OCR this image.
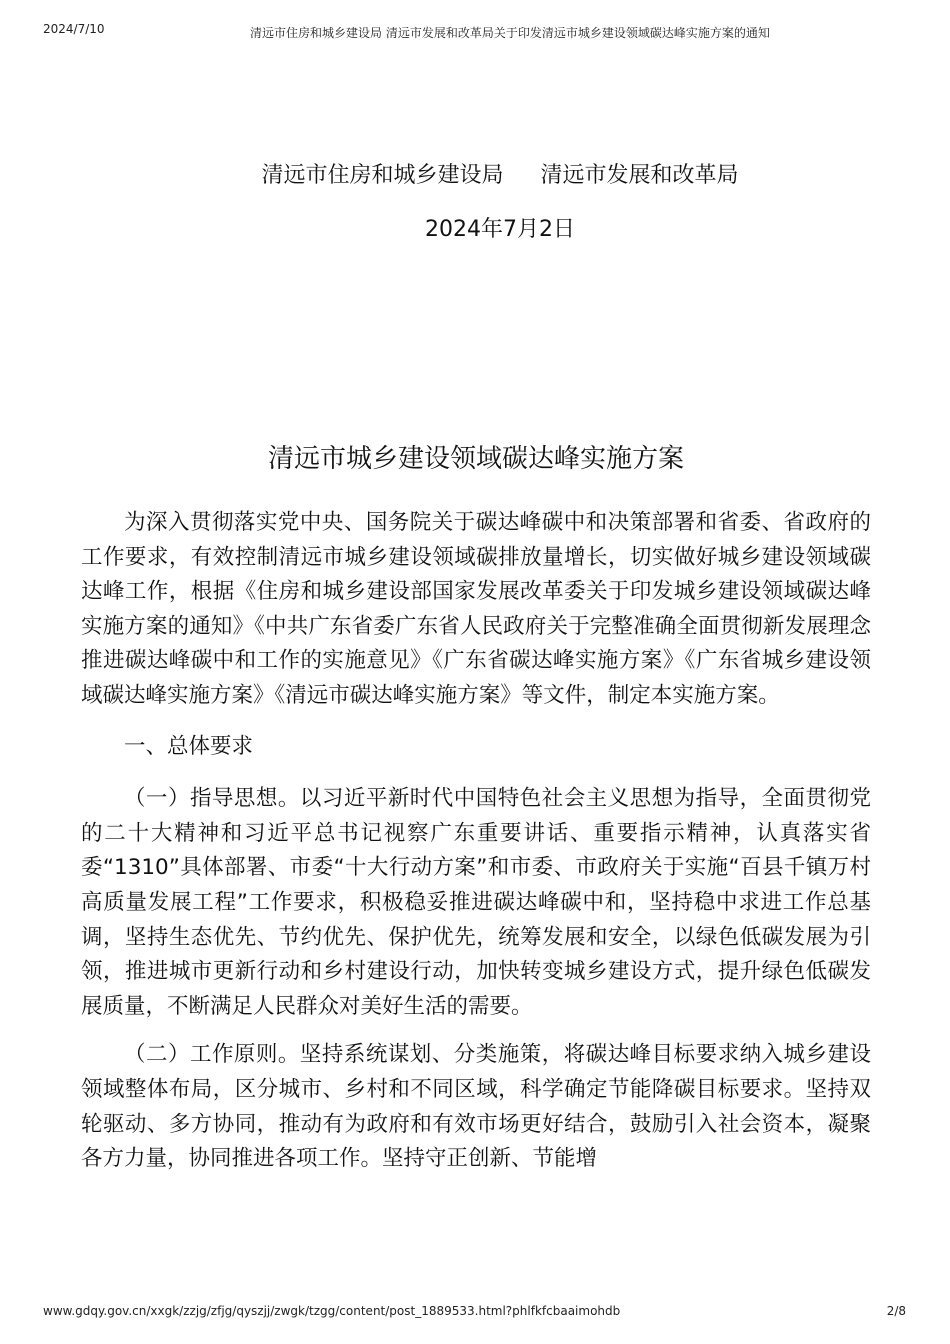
2024/7/10	清远市住房和城乡建设局 清远市发展和改革局关于印发清远市城乡建设领域碳达峰实施方案的通知
清远市住房和城乡建设局 清远市发展和改革局
2024年7月2日
清远市城乡建设领域碳达峰实施方案

为深入贯彻落实党中央、国务院关于碳达峰碳中和决策部署和省委、省政府的工作要求，有效控制清远市城乡建设领域碳排放量增长，切实做好城乡建设领域碳达峰工作，根据《住房和城乡建设部国家发展改革委关于印发城乡建设领域碳达峰实施方案的通知》《中共广东省委广东省人民政府关于完整准确全面贯彻新发展理念推进碳达峰碳中和工作的实施意见》《广东省碳达峰实施方案》《广东省城乡建设领域碳达峰实施方案》《清远市碳达峰实施方案》等文件，制定本实施方案。

一、总体要求

（一）指导思想。以习近平新时代中国特色社会主义思想为指导，全面贯彻党的二十大精神和习近平总书记视察广东重要讲话、重要指示精神，认真落实省委“1310”具体部署、市委“十大行动方案”和市委、市政府关于实施“百县千镇万村高质量发展工程”工作要求，积极稳妥推进碳达峰碳中和，坚持稳中求进工作总基调，坚持生态优先、节约优先、保护优先，统筹发展和安全，以绿色低碳发展为引领，推进城市更新行动和乡村建设行动，加快转变城乡建设方式，提升绿色低碳发展质量，不断满足人民群众对美好生活的需要。

（二）工作原则。坚持系统谋划、分类施策，将碳达峰目标要求纳入城乡建设领域整体布局，区分城市、乡村和不同区域，科学确定节能降碳目标要求。坚持双轮驱动、多方协同，推动有为政府和有效市场更好结合，鼓励引入社会资本，凝聚各方力量，协同推进各项工作。坚持守正创新、节能增

www.gdqy.gov.cn/xxgk/zzjg/zfjg/qyszjj/zwgk/tzgg/content/post_1889533.html?phlfkfcbaaimohdb	2/8
